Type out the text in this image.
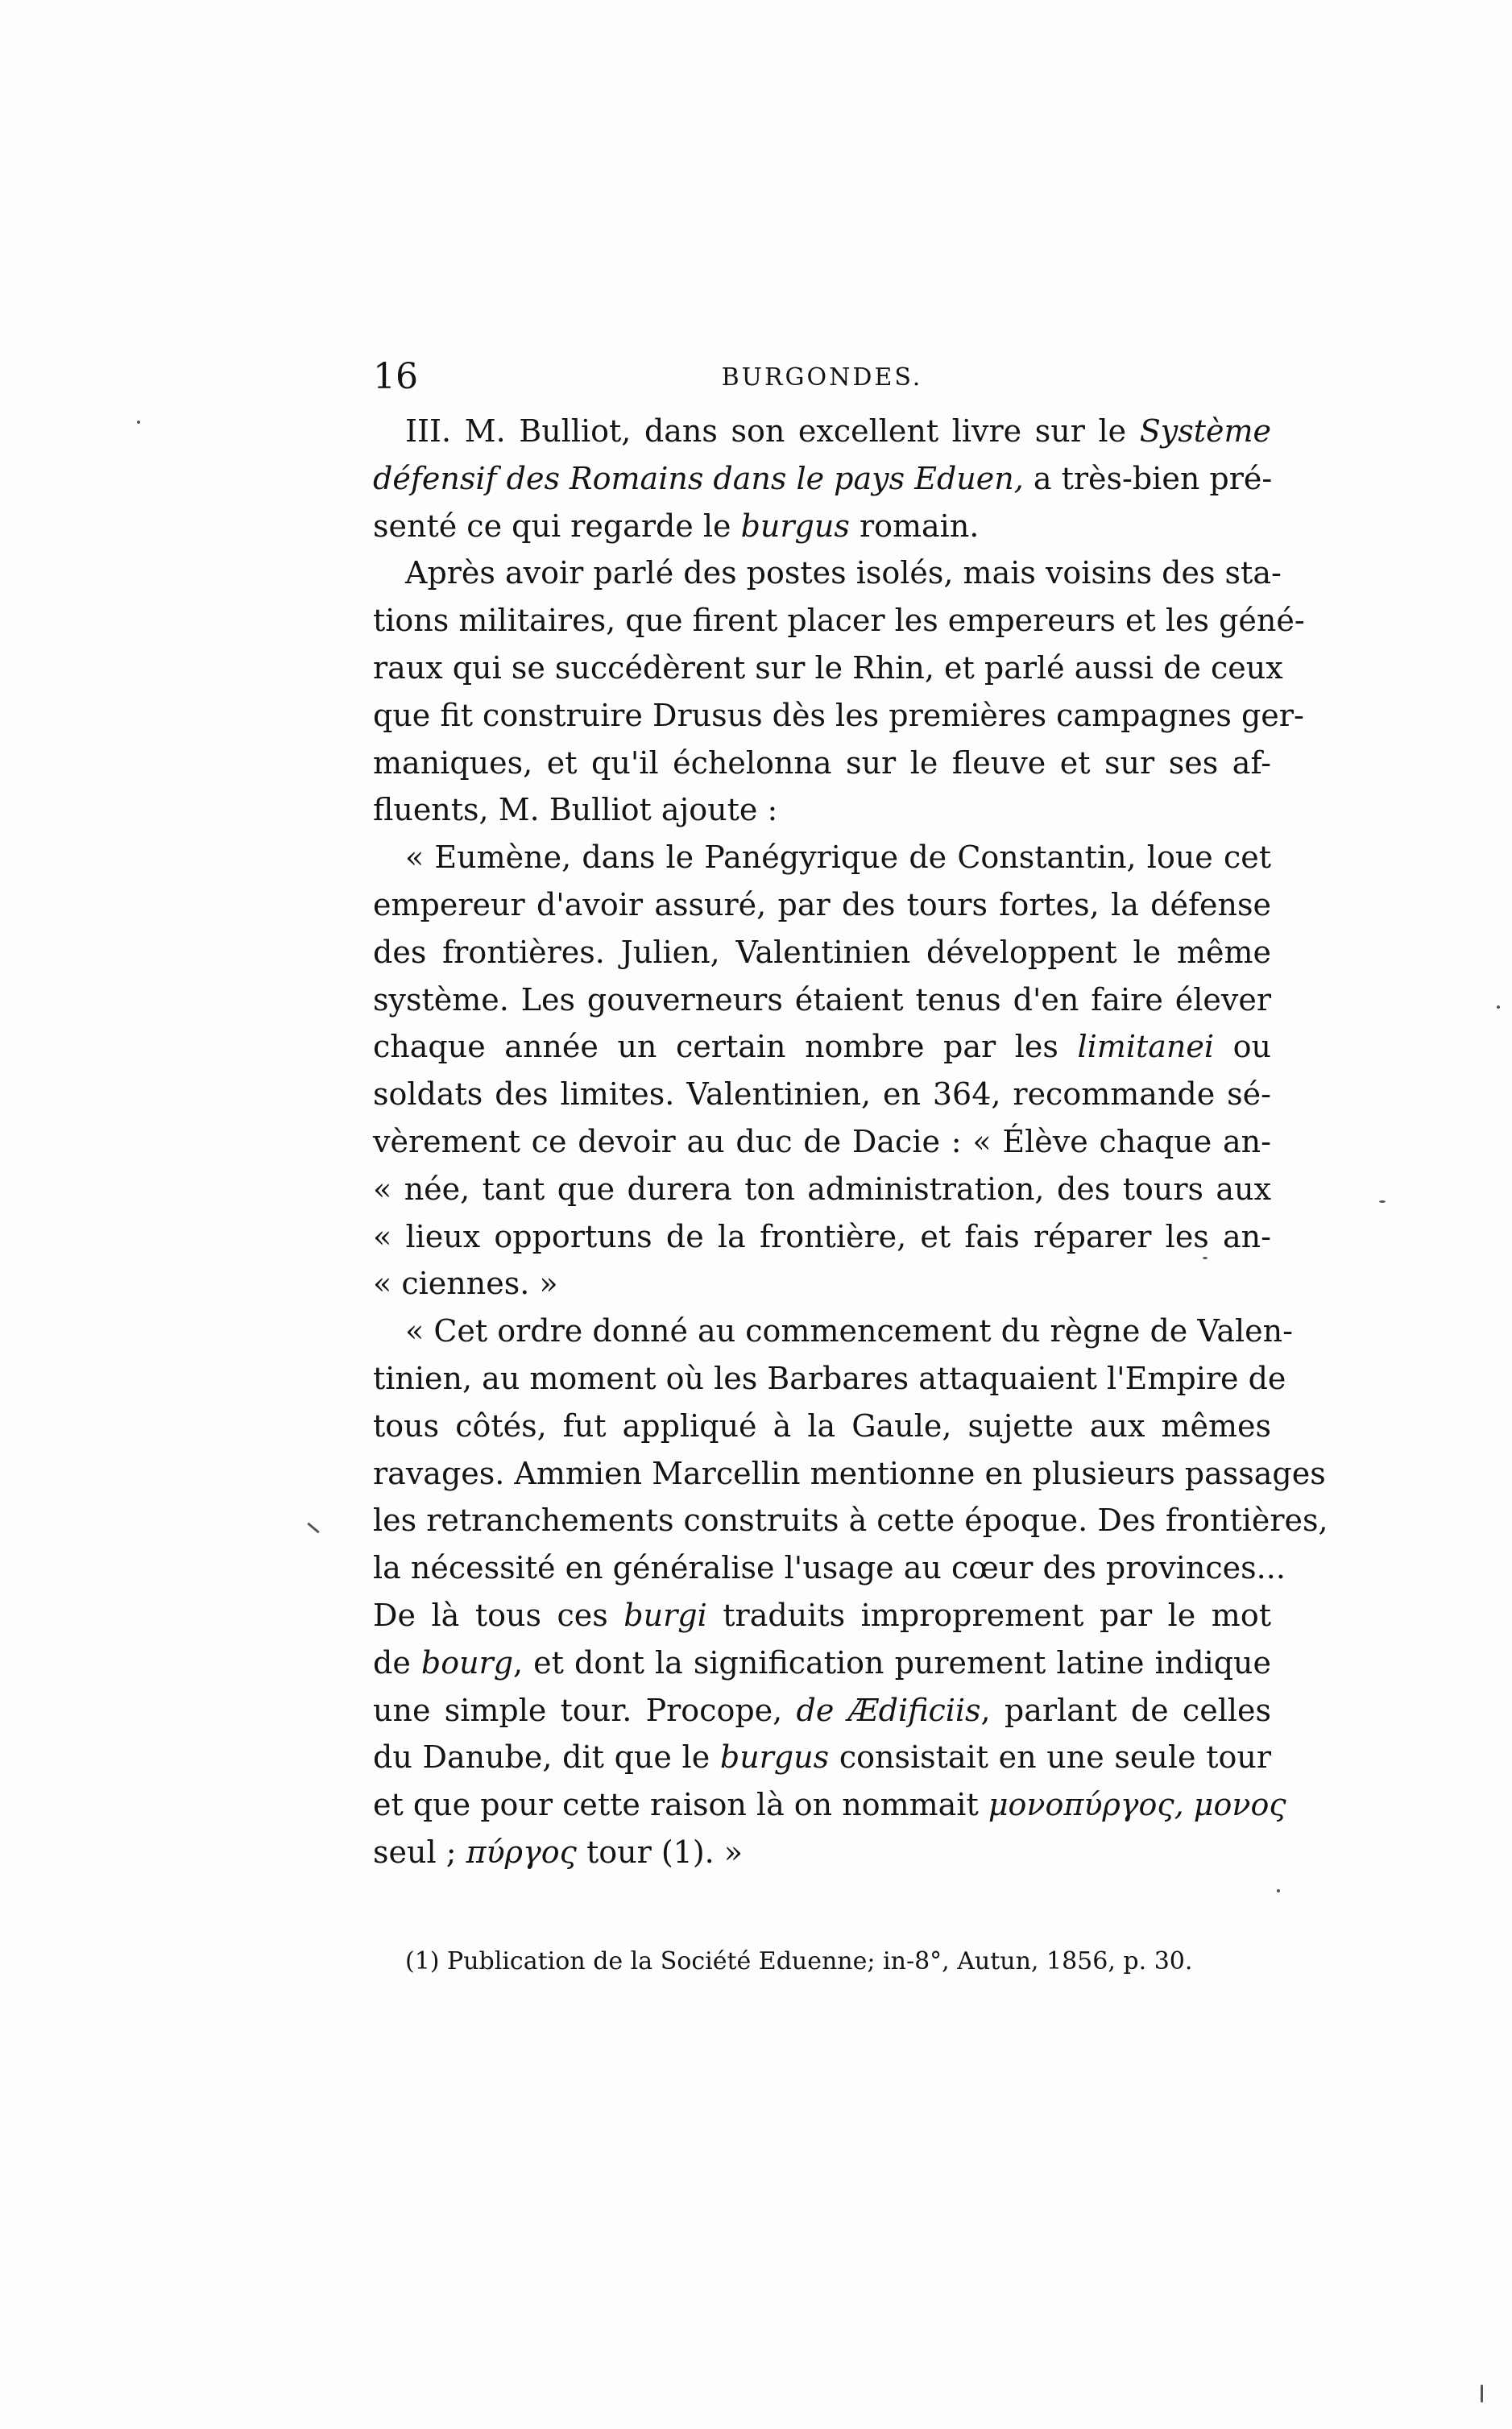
16	BURGONDES.
III. M. Bulliot, dans son excellent livre sur le Système
défensif des Romains dans le pays Eduen, a très-bien pré-
senté ce qui regarde le burgus romain.
Après avoir parlé des postes isolés, mais voisins des sta-
tions militaires, que firent placer les empereurs et les géné-
raux qui se succédèrent sur le Rhin, et parlé aussi de ceux
que fit construire Drusus dès les premières campagnes ger-
maniques, et qu'il échelonna sur le fleuve et sur ses af-
fluents, M. Bulliot ajoute :
« Eumène, dans le Panégyrique de Constantin, loue cet
empereur d'avoir assuré, par des tours fortes, la défense
des frontières. Julien, Valentinien développent le même
système. Les gouverneurs étaient tenus d'en faire élever
chaque année un certain nombre par les limitanei ou
soldats des limites. Valentinien, en 364, recommande sé-
vèrement ce devoir au duc de Dacie : « Élève chaque an-
« née, tant que durera ton administration, des tours aux
« lieux opportuns de la frontière, et fais réparer les an-
« ciennes. »
« Cet ordre donné au commencement du règne de Valen-
tinien, au moment où les Barbares attaquaient l'Empire de
tous côtés, fut appliqué à la Gaule, sujette aux mêmes
ravages. Ammien Marcellin mentionne en plusieurs passages
les retranchements construits à cette époque. Des frontières,
la nécessité en généralise l'usage au cœur des provinces...
De là tous ces burgi traduits improprement par le mot
de bourg, et dont la signification purement latine indique
une simple tour. Procope, de Ædificiis, parlant de celles
du Danube, dit que le burgus consistait en une seule tour
et que pour cette raison là on nommait μονοπύργος, μονος
seul ; πύργος tour (1). »
(1) Publication de la Société Eduenne; in-8°, Autun, 1856, p. 30.
